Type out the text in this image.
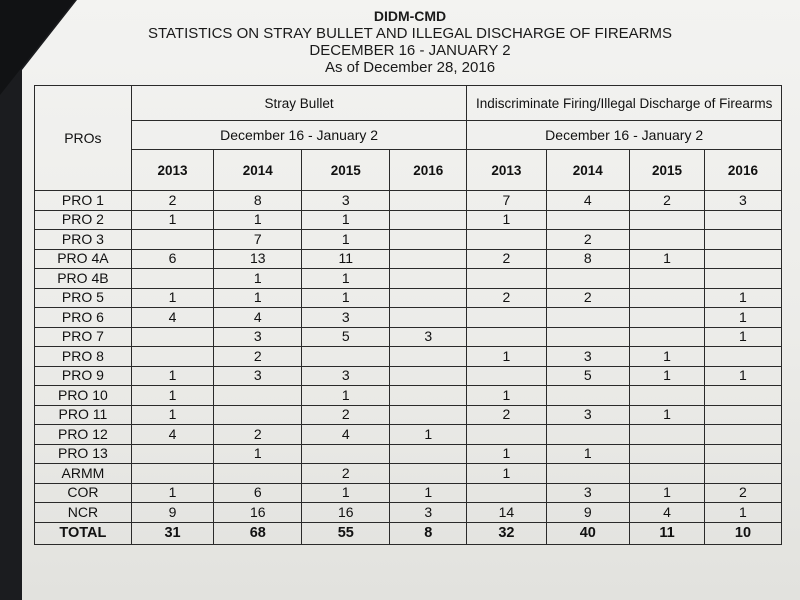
DIDM-CMD
STATISTICS ON STRAY BULLET AND ILLEGAL DISCHARGE OF FIREARMS
DECEMBER 16 - JANUARY 2
As of December 28, 2016
PROs	Stray Bullet				Indiscriminate Firing/Illegal Discharge of Firearms			
	December 16 - January 2				December 16 - January 2			
	2013	2014	2015	2016	2013	2014	2015	2016
PRO 1	2	8	3		7	4	2	3
PRO 2	1	1	1		1			
PRO 3		7	1			2		
PRO 4A	6	13	11		2	8	1	
PRO 4B		1	1					
PRO 5	1	1	1		2	2		1
PRO 6	4	4	3					1
PRO 7		3	5	3				1
PRO 8		2			1	3	1	
PRO 9	1	3	3			5	1	1
PRO 10	1		1		1			
PRO 11	1		2		2	3	1	
PRO 12	4	2	4	1				
PRO 13		1			1	1		
ARMM			2		1			
COR	1	6	1	1		3	1	2
NCR	9	16	16	3	14	9	4	1
TOTAL	31	68	55	8	32	40	11	10
